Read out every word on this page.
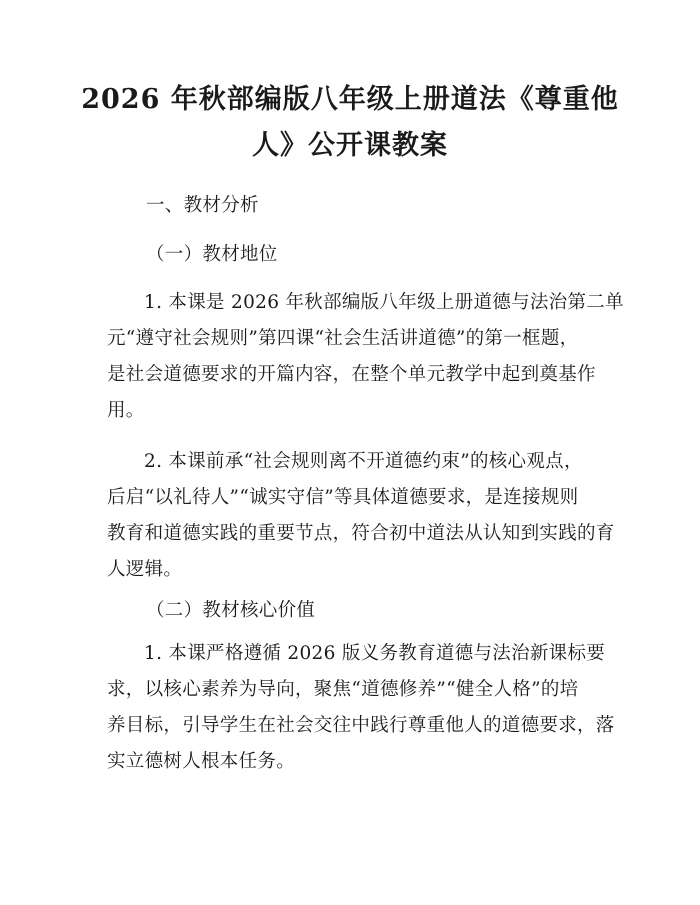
2026 年秋部编版八年级上册道法《尊重他
人》公开课教案
一、教材分析
（一）教材地位
1. 本课是 2026 年秋部编版八年级上册道德与法治第二单
元“遵守社会规则”第四课“社会生活讲道德”的第一框题，
是社会道德要求的开篇内容，在整个单元教学中起到奠基作
用。
2. 本课前承“社会规则离不开道德约束”的核心观点，
后启“以礼待人”“诚实守信”等具体道德要求，是连接规则
教育和道德实践的重要节点，符合初中道法从认知到实践的育
人逻辑。
（二）教材核心价值
1. 本课严格遵循 2026 版义务教育道德与法治新课标要
求，以核心素养为导向，聚焦“道德修养”“健全人格”的培
养目标，引导学生在社会交往中践行尊重他人的道德要求，落
实立德树人根本任务。
